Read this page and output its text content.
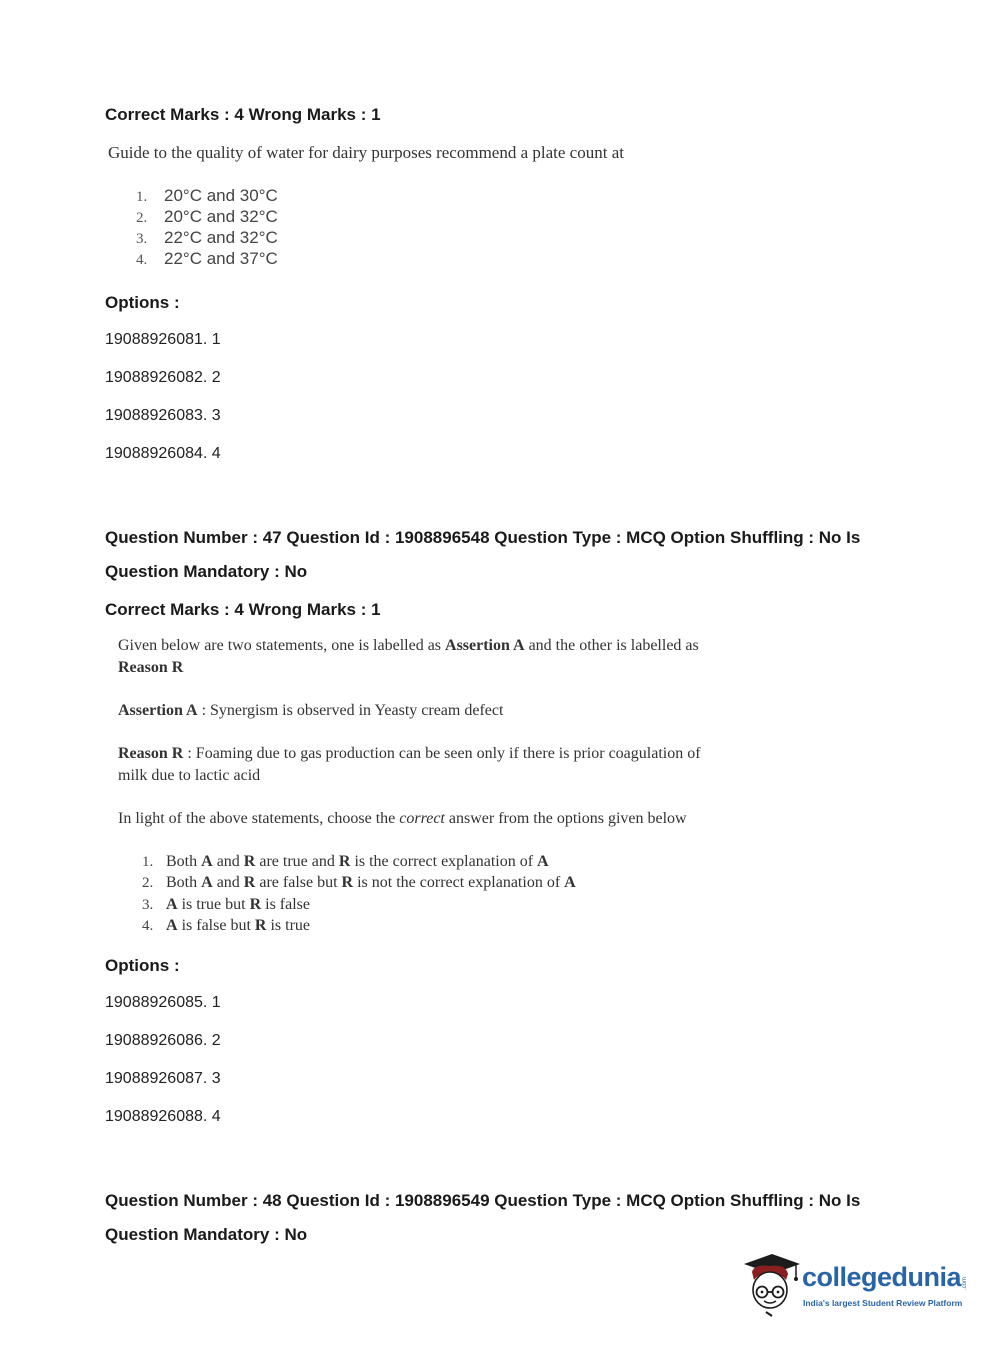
Correct Marks : 4 Wrong Marks : 1
Guide to the quality of water for dairy purposes recommend a plate count at
1. 20°C and 30°C
2. 20°C and 32°C
3. 22°C and 32°C
4. 22°C and 37°C
Options :
19088926081. 1
19088926082. 2
19088926083. 3
19088926084. 4
Question Number : 47 Question Id : 1908896548 Question Type : MCQ Option Shuffling : No Is
Question Mandatory : No
Correct Marks : 4 Wrong Marks : 1
Given below are two statements, one is labelled as Assertion A and the other is labelled as
Reason R
Assertion A : Synergism is observed in Yeasty cream defect
Reason R : Foaming due to gas production can be seen only if there is prior coagulation of
milk due to lactic acid
In light of the above statements, choose the correct answer from the options given below
1. Both A and R are true and R is the correct explanation of A
2. Both A and R are false but R is not the correct explanation of A
3. A is true but R is false
4. A is false but R is true
Options :
19088926085. 1
19088926086. 2
19088926087. 3
19088926088. 4
Question Number : 48 Question Id : 1908896549 Question Type : MCQ Option Shuffling : No Is
Question Mandatory : No
collegedunia .com
India's largest Student Review Platform
